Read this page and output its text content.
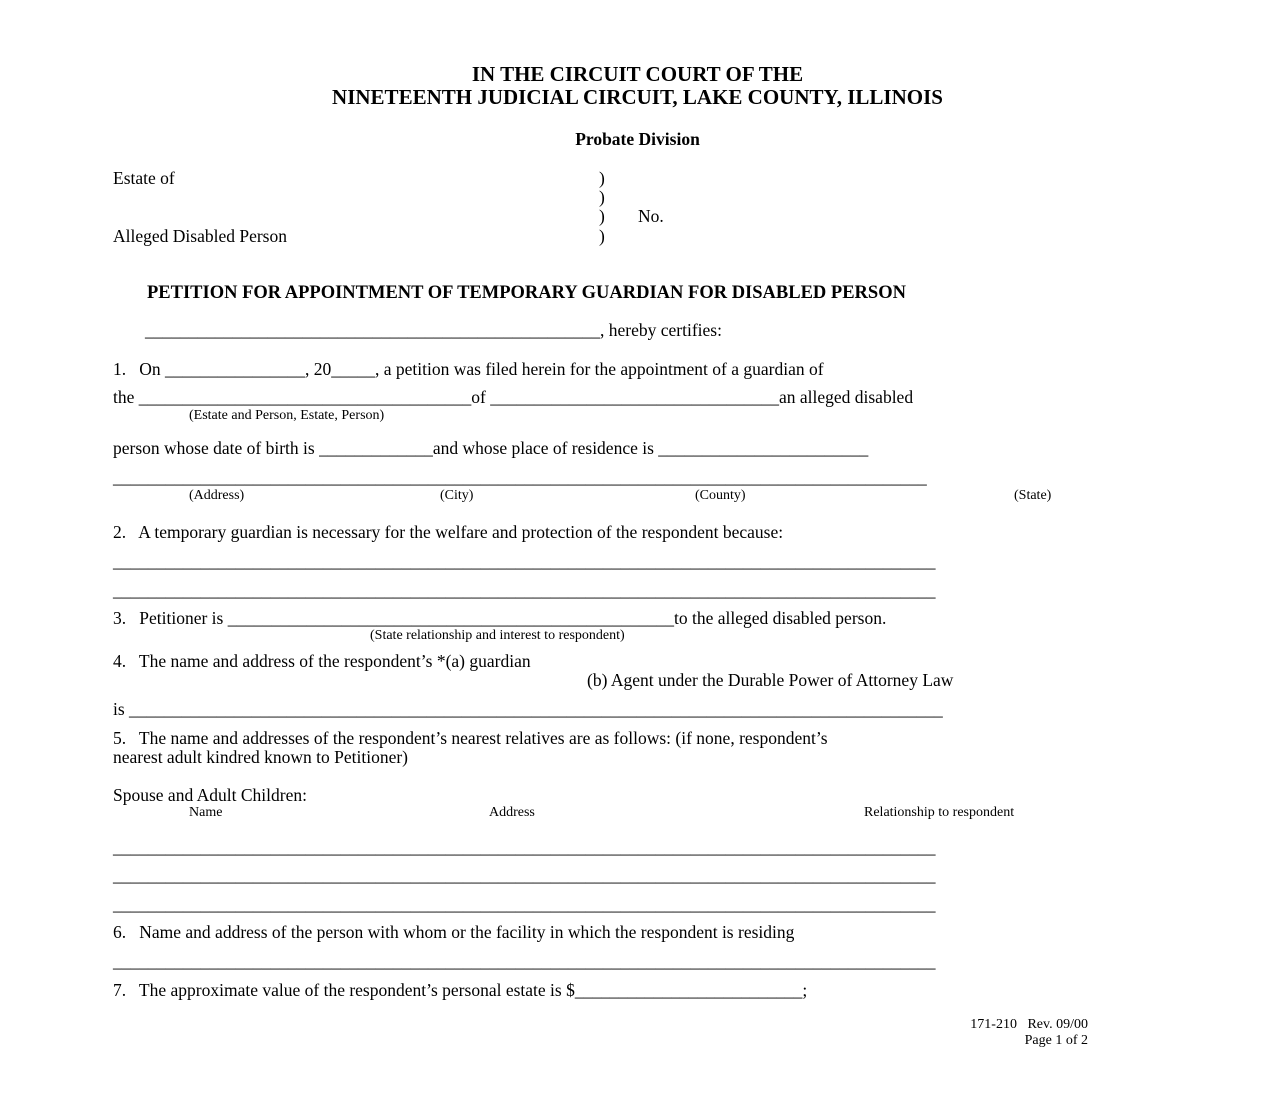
IN THE CIRCUIT COURT OF THE
NINETEENTH JUDICIAL CIRCUIT, LAKE COUNTY, ILLINOIS
Probate Division
Estate of
Alleged Disabled Person
)
)
)
)
No.
PETITION FOR APPOINTMENT OF TEMPORARY GUARDIAN FOR DISABLED PERSON
____________________________________________________, hereby certifies:
1.   On ________________, 20_____, a petition was filed herein for the appointment of a guardian of
the ______________________________________of _________________________________an alleged disabled
(Estate and Person, Estate, Person)
person whose date of birth is _____________and whose place of residence is ________________________
_____________________________________________________________________________________________
(Address)	(City)	(County)	(State)
2.   A temporary guardian is necessary for the welfare and protection of the respondent because:
______________________________________________________________________________________________
______________________________________________________________________________________________
3.   Petitioner is ___________________________________________________to the alleged disabled person.
(State relationship and interest to respondent)
4.   The name and address of the respondent’s *(a) guardian
(b) Agent under the Durable Power of Attorney Law
is _____________________________________________________________________________________________
5.   The name and addresses of the respondent’s nearest relatives are as follows: (if none, respondent’s
nearest adult kindred known to Petitioner)
Spouse and Adult Children:
Name	Address	Relationship to respondent
______________________________________________________________________________________________
______________________________________________________________________________________________
______________________________________________________________________________________________
6.   Name and address of the person with whom or the facility in which the respondent is residing
______________________________________________________________________________________________
7.   The approximate value of the respondent’s personal estate is $__________________________;
171-210   Rev. 09/00
Page 1 of 2
